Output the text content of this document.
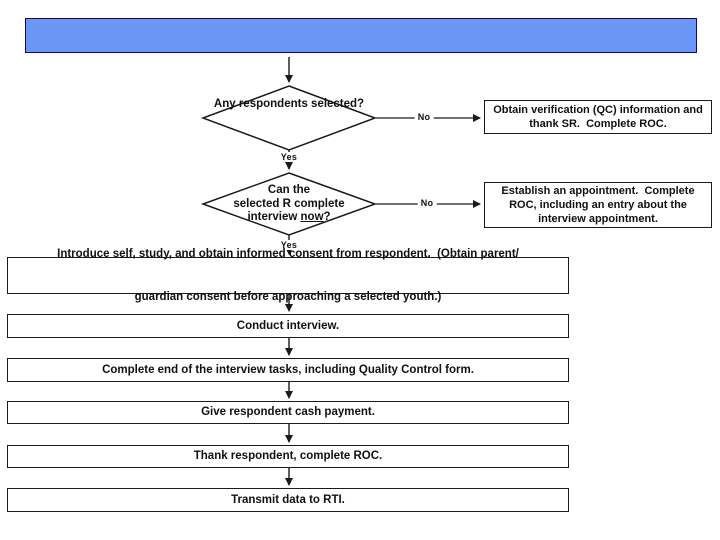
Any respondents selected?
Can the
selected R complete
interview now?
Yes
No
Yes
No
Obtain verification (QC) information and thank SR.  Complete ROC.
Establish an appointment.  Complete ROC, including an entry about the interview appointment.

Introduce self, study, and obtain informed consent from respondent.  (Obtain parent/

guardian consent before approaching a selected youth.)

Conduct interview.
Complete end of the interview tasks, including Quality Control form.
Give respondent cash payment.
Thank respondent, complete ROC.
Transmit data to RTI.
